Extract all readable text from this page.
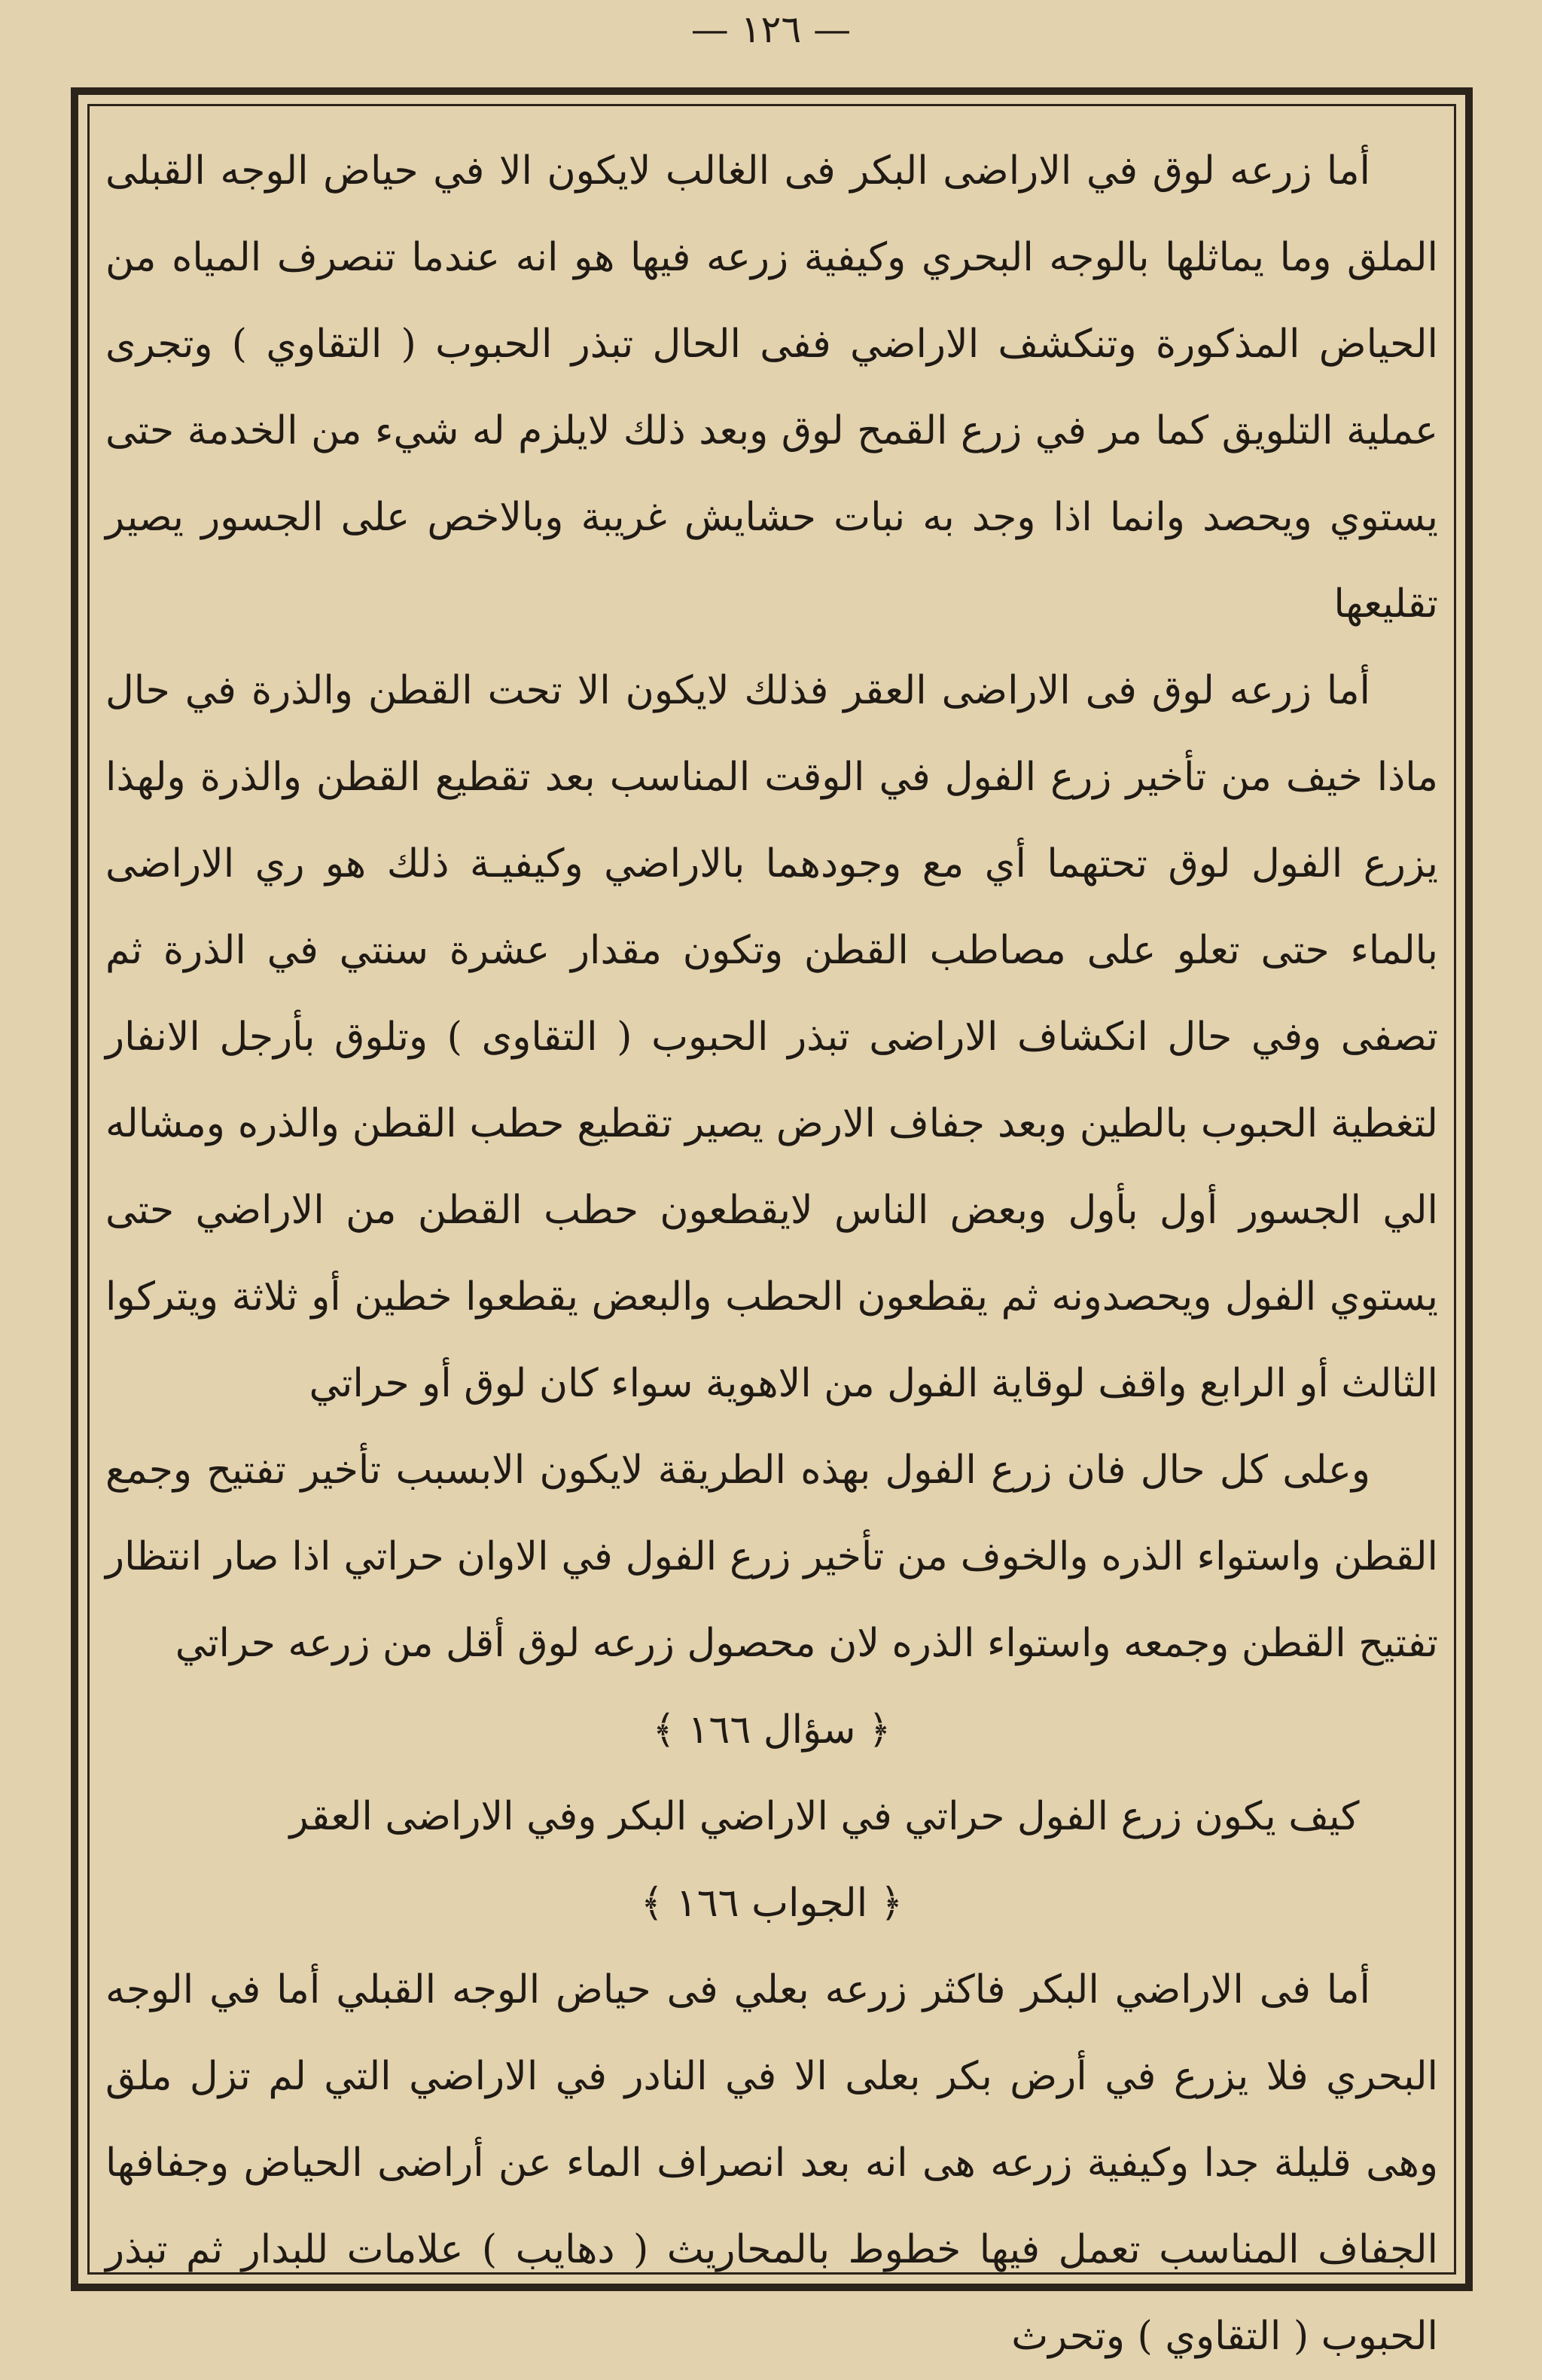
— ١٢٦ —

أما زرعه لوق في الاراضى البكر فى الغالب لايكون الا في حياض الوجه القبلى الملق وما يماثلها بالوجه البحري وكيفية زرعه فيها هو انه عندما تنصرف المياه من الحياض المذكورة وتنكشف الاراضي ففى الحال تبذر الحبوب ( التقاوي ) وتجرى عملية التلويق كما مر في زرع القمح لوق وبعد ذلك لايلزم له شيء من الخدمة حتى يستوي ويحصد وانما اذا وجد به نبات حشايش غريبة وبالاخص على الجسور يصير تقليعها

أما زرعه لوق فى الاراضى العقر فذلك لايكون الا تحت القطن والذرة في حال ماذا خيف من تأخير زرع الفول في الوقت المناسب بعد تقطيع القطن والذرة ولهذا يزرع الفول لوق تحتهما أي مع وجودهما بالاراضي وكيفيـة ذلك هو ري الاراضى بالماء حتى تعلو على مصاطب القطن وتكون مقدار عشرة سنتي في الذرة ثم تصفى وفي حال انكشاف الاراضى تبذر الحبوب ( التقاوى ) وتلوق بأرجل الانفار لتغطية الحبوب بالطين وبعد جفاف الارض يصير تقطيع حطب القطن والذره ومشاله الي الجسور أول بأول وبعض الناس لايقطعون حطب القطن من الاراضي حتى يستوي الفول ويحصدونه ثم يقطعون الحطب والبعض يقطعوا خطين أو ثلاثة ويتركوا الثالث أو الرابع واقف لوقاية الفول من الاهوية سواء كان لوق أو حراتي

وعلى كل حال فان زرع الفول بهذه الطريقة لايكون الابسبب تأخير تفتيح وجمع القطن واستواء الذره والخوف من تأخير زرع الفول في الاوان حراتي اذا صار انتظار تفتيح القطن وجمعه واستواء الذره لان محصول زرعه لوق أقل من زرعه حراتي

﴿ سؤال ١٦٦ ﴾

كيف يكون زرع الفول حراتي في الاراضي البكر وفي الاراضى العقر

﴿ الجواب ١٦٦ ﴾

أما فى الاراضي البكر فاكثر زرعه بعلي فى حياض الوجه القبلي أما في الوجه البحري فلا يزرع في أرض بكر بعلى الا في النادر في الاراضي التي لم تزل ملق وهى قليلة جدا وكيفية زرعه هى انه بعد انصراف الماء عن أراضى الحياض وجفافها الجفاف المناسب تعمل فيها خطوط بالمحاريث ( دهايب ) علامات للبدار ثم تبذر الحبوب ( التقاوي ) وتحرث
